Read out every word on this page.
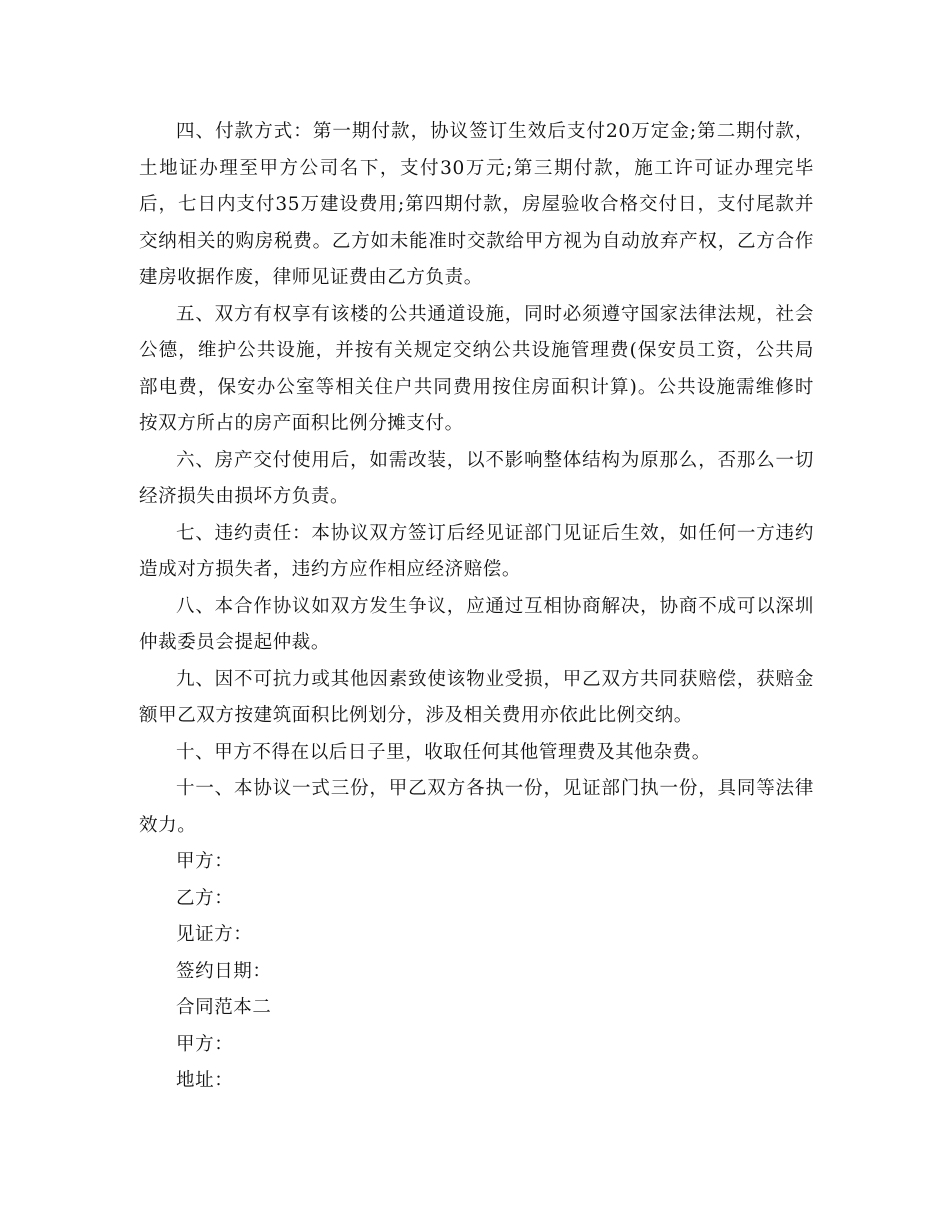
四、付款方式：第一期付款，协议签订生效后支付20万定金;第二期付款，土地证办理至甲方公司名下，支付30万元;第三期付款，施工许可证办理完毕后，七日内支付35万建设费用;第四期付款，房屋验收合格交付日，支付尾款并交纳相关的购房税费。乙方如未能准时交款给甲方视为自动放弃产权，乙方合作建房收据作废，律师见证费由乙方负责。

五、双方有权享有该楼的公共通道设施，同时必须遵守国家法律法规，社会公德，维护公共设施，并按有关规定交纳公共设施管理费(保安员工资，公共局部电费，保安办公室等相关住户共同费用按住房面积计算)。公共设施需维修时按双方所占的房产面积比例分摊支付。

六、房产交付使用后，如需改装，以不影响整体结构为原那么，否那么一切经济损失由损坏方负责。

七、违约责任：本协议双方签订后经见证部门见证后生效，如任何一方违约造成对方损失者，违约方应作相应经济赔偿。

八、本合作协议如双方发生争议，应通过互相协商解决，协商不成可以深圳仲裁委员会提起仲裁。

九、因不可抗力或其他因素致使该物业受损，甲乙双方共同获赔偿，获赔金额甲乙双方按建筑面积比例划分，涉及相关费用亦依此比例交纳。

十、甲方不得在以后日子里，收取任何其他管理费及其他杂费。

十一、本协议一式三份，甲乙双方各执一份，见证部门执一份，具同等法律效力。

甲方：

乙方：

见证方：

签约日期：

合同范本二

甲方：

地址：
